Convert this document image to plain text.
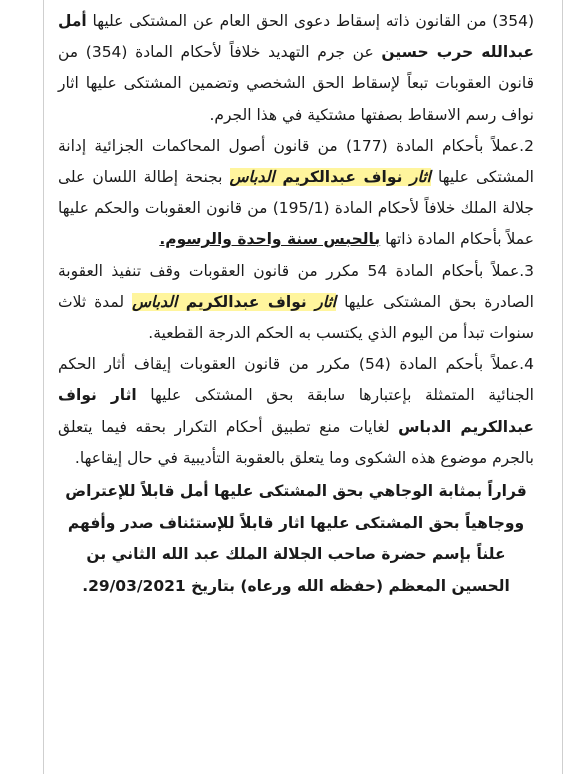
(354) من القانون ذاته إسقاط دعوى الحق العام عن المشتكى عليها أمل عبدالله حرب حسين عن جرم التهديد خلافاً لأحكام المادة (354) من قانون العقوبات تبعاً لإسقاط الحق الشخصي وتضمين المشتكى عليها اثار نواف رسم الاسقاط بصفتها مشتكية في هذا الجرم.

2.عملاً بأحكام المادة (177) من قانون أصول المحاكمات الجزائية إدانة المشتكى عليها اثار نواف عبدالكريم الدباس بجنحة إطالة اللسان على جلالة الملك خلافاً لأحكام المادة (195/1) من قانون العقوبات والحكم عليها عملاً بأحكام المادة ذاتها بالحبس سنة واحدة والرسوم.

3.عملاً بأحكام المادة 54 مكرر من قانون العقوبات وقف تنفيذ العقوبة الصادرة بحق المشتكى عليها اثار نواف عبدالكريم الدباس لمدة ثلاث سنوات تبدأ من اليوم الذي يكتسب به الحكم الدرجة القطعية.

4.عملاً بأحكم المادة (54) مكرر من قانون العقوبات إيقاف أثار الحكم الجنائية المتمثلة بإعتبارها سابقة بحق المشتكى عليها اثار نواف عبدالكريم الدباس لغايات منع تطبيق أحكام التكرار بحقه فيما يتعلق بالجرم موضوع هذه الشكوى وما يتعلق بالعقوبة التأديبية في حال إيقاعها.

قراراً بمثابة الوجاهي بحق المشتكى عليها أمل قابلاً للإعتراض ووجاهياً بحق المشتكى عليها اثار قابلاً للإستئناف صدر وأفهم علناً بإسم حضرة صاحب الجلالة الملك عبد الله الثاني بن الحسين المعظم (حفظه الله ورعاه) بتاريخ 29/03/2021.
